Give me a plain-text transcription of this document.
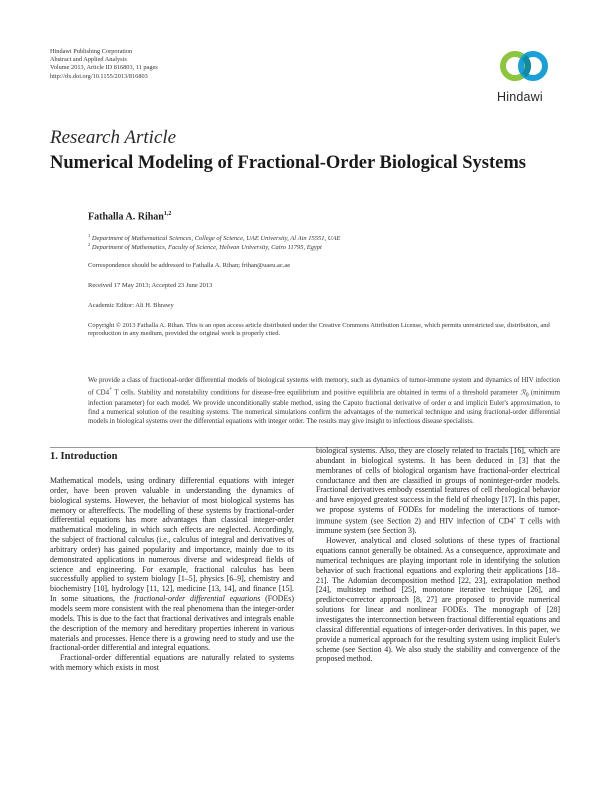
Hindawi Publishing Corporation
Abstract and Applied Analysis
Volume 2013, Article ID 816803, 11 pages
http://dx.doi.org/10.1155/2013/816803
Hindawi
Research Article
Numerical Modeling of Fractional-Order Biological Systems
Fathalla A. Rihan$^{1,2}$
$^1$ Department of Mathematical Sciences, College of Science, UAE University, Al Ain 15551, UAE
$^2$ Department of Mathematics, Faculty of Science, Helwan University, Cairo 11795, Egypt
Correspondence should be addressed to Fathalla A. Rihan; frihan@uaeu.ac.ae
Received 17 May 2013; Accepted 23 June 2013
Academic Editor: Ali H. Bhrawy
Copyright © 2013 Fathalla A. Rihan. This is an open access article distributed under the Creative Commons Attribution License, which permits unrestricted use, distribution, and reproduction in any medium, provided the original work is properly cited.
We provide a class of fractional-order differential models of biological systems with memory, such as dynamics of tumor-immune system and dynamics of HIV infection of CD4+ T cells. Stability and nonstability conditions for disease-free equilibrium and positive equilibria are obtained in terms of a threshold parameter ℛ$_0$ (minimum infection parameter) for each model. We provide unconditionally stable method, using the Caputo fractional derivative of order α and implicit Euler's approximation, to find a numerical solution of the resulting systems. The numerical simulations confirm the advantages of the numerical technique and using fractional-order differential models in biological systems over the differential equations with integer order. The results may give insight to infectious disease specialists.
1. Introduction

Mathematical models, using ordinary differential equations with integer order, have been proven valuable in understanding the dynamics of biological systems. However, the behavior of most biological systems has memory or aftereffects. The modelling of these systems by fractional-order differential equations has more advantages than classical integer-order mathematical modeling, in which such effects are neglected. Accordingly, the subject of fractional calculus (i.e., calculus of integral and derivatives of arbitrary order) has gained popularity and importance, mainly due to its demonstrated applications in numerous diverse and widespread fields of science and engineering. For example, fractional calculus has been successfully applied to system biology [1–5], physics [6–9], chemistry and biochemistry [10], hydrology [11, 12], medicine [13, 14], and finance [15]. In some situations, the fractional-order differential equations (FODEs) models seem more consistent with the real phenomena than the integer-order models. This is due to the fact that fractional derivatives and integrals enable the description of the memory and hereditary properties inherent in various materials and processes. Hence there is a growing need to study and use the fractional-order differential and integral equations.

Fractional-order differential equations are naturally related to systems with memory which exists in most

biological systems. Also, they are closely related to fractals [16], which are abundant in biological systems. It has been deduced in [3] that the membranes of cells of biological organism have fractional-order electrical conductance and then are classified in groups of noninteger-order models. Fractional derivatives embody essential features of cell rheological behavior and have enjoyed greatest success in the field of rheology [17]. In this paper, we propose systems of FODEs for modeling the interactions of tumor-immune system (see Section 2) and HIV infection of CD4+ T cells with immune system (see Section 3).

However, analytical and closed solutions of these types of fractional equations cannot generally be obtained. As a consequence, approximate and numerical techniques are playing important role in identifying the solution behavior of such fractional equations and exploring their applications [18–21]. The Adomian decomposition method [22, 23], extrapolation method [24], multistep method [25], monotone iterative technique [26], and predictor-corrector approach [8, 27] are proposed to provide numerical solutions for linear and nonlinear FODEs. The monograph of [28] investigates the interconnection between fractional differential equations and classical differential equations of integer-order derivatives. In this paper, we provide a numerical approach for the resulting system using implicit Euler's scheme (see Section 4). We also study the stability and convergence of the proposed method.
